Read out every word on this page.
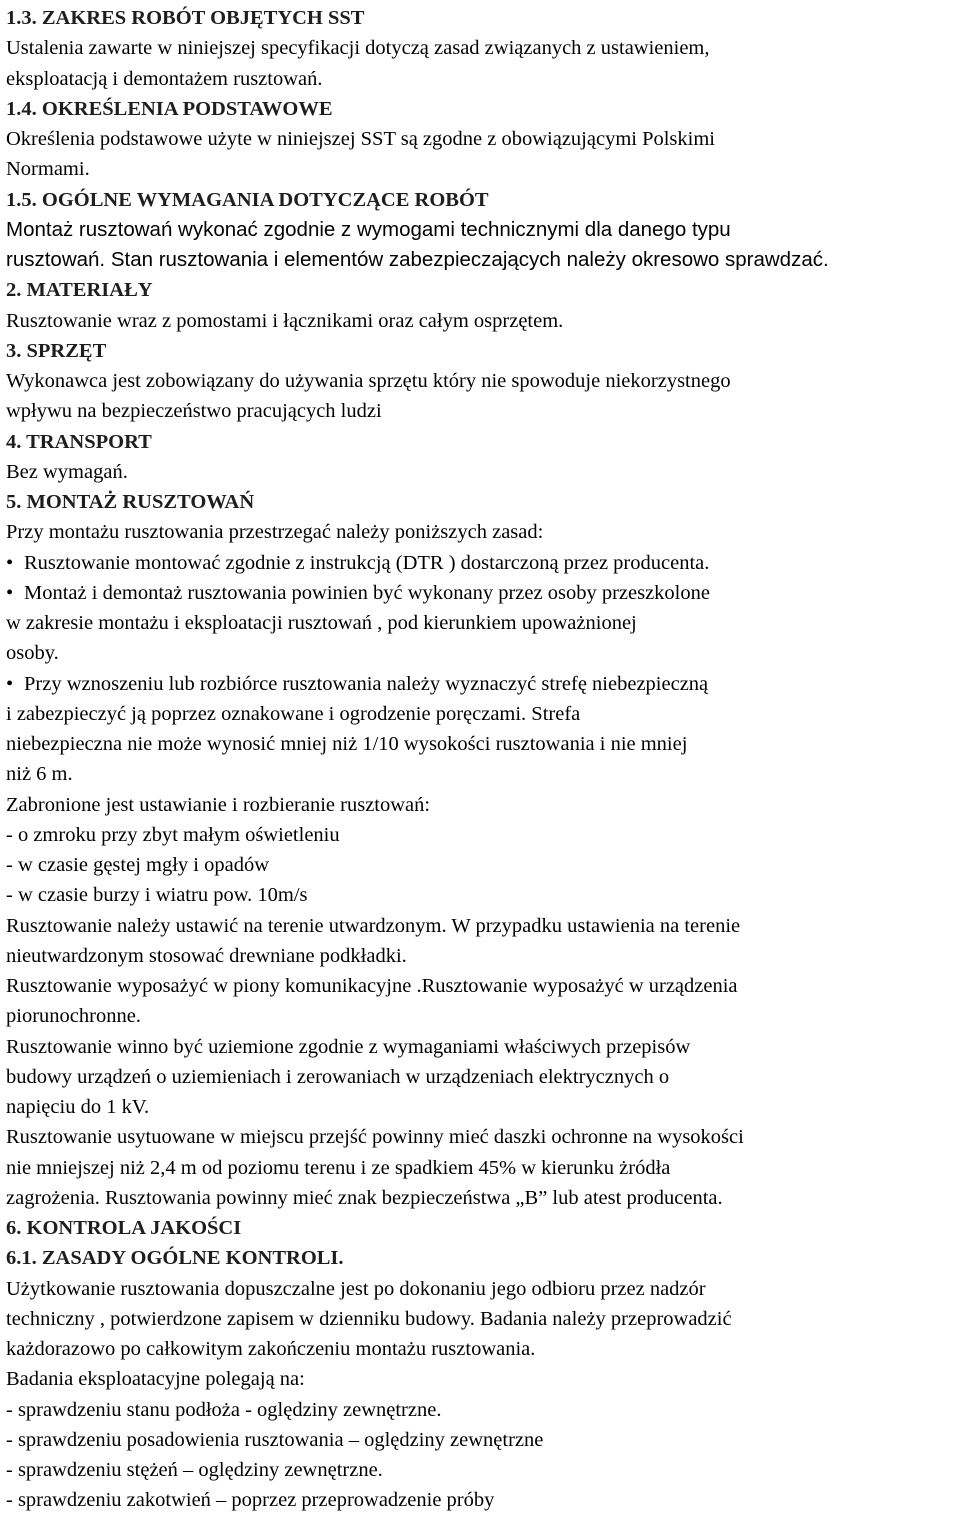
1.3. ZAKRES ROBÓT OBJĘTYCH SST
Ustalenia zawarte w niniejszej specyfikacji dotyczą zasad związanych z ustawieniem,
eksploatacją i demontażem rusztowań.
1.4. OKREŚLENIA PODSTAWOWE
Określenia podstawowe użyte w niniejszej SST są zgodne z obowiązującymi Polskimi
Normami.
1.5. OGÓLNE WYMAGANIA DOTYCZĄCE ROBÓT
Montaż rusztowań wykonać zgodnie z wymogami technicznymi dla danego typu
rusztowań. Stan rusztowania i elementów zabezpieczających należy okresowo sprawdzać.
2. MATERIAŁY
Rusztowanie wraz z pomostami i łącznikami oraz całym osprzętem.
3. SPRZĘT
Wykonawca jest zobowiązany do używania sprzętu który nie spowoduje niekorzystnego
wpływu na bezpieczeństwo pracujących ludzi
4. TRANSPORT
Bez wymagań.
5. MONTAŻ RUSZTOWAŃ
Przy montażu rusztowania przestrzegać należy poniższych zasad:
• Rusztowanie montować zgodnie z instrukcją (DTR ) dostarczoną przez producenta.
• Montaż i demontaż rusztowania powinien być wykonany przez osoby przeszkolone
w zakresie montażu i eksploatacji rusztowań , pod kierunkiem upoważnionej
osoby.
• Przy wznoszeniu lub rozbiórce rusztowania należy wyznaczyć strefę niebezpieczną
i zabezpieczyć ją poprzez oznakowane i ogrodzenie poręczami. Strefa
niebezpieczna nie może wynosić mniej niż 1/10 wysokości rusztowania i nie mniej
niż 6 m.
Zabronione jest ustawianie i rozbieranie rusztowań:
- o zmroku przy zbyt małym oświetleniu
- w czasie gęstej mgły i opadów
- w czasie burzy i wiatru pow. 10m/s
Rusztowanie należy ustawić na terenie utwardzonym. W przypadku ustawienia na terenie
nieutwardzonym stosować drewniane podkładki.
Rusztowanie wyposażyć w piony komunikacyjne .Rusztowanie wyposażyć w urządzenia
piorunochronne.
Rusztowanie winno być uziemione zgodnie z wymaganiami właściwych przepisów
budowy urządzeń o uziemieniach i zerowaniach w urządzeniach elektrycznych o
napięciu do 1 kV.
Rusztowanie usytuowane w miejscu przejść powinny mieć daszki ochronne na wysokości
nie mniejszej niż 2,4 m od poziomu terenu i ze spadkiem 45% w kierunku żródła
zagrożenia. Rusztowania powinny mieć znak bezpieczeństwa „B” lub atest producenta.
6. KONTROLA JAKOŚCI
6.1. ZASADY OGÓLNE KONTROLI.
Użytkowanie rusztowania dopuszczalne jest po dokonaniu jego odbioru przez nadzór
techniczny , potwierdzone zapisem w dzienniku budowy. Badania należy przeprowadzić
każdorazowo po całkowitym zakończeniu montażu rusztowania.
Badania eksploatacyjne polegają na:
- sprawdzeniu stanu podłoża - oględziny zewnętrzne.
- sprawdzeniu posadowienia rusztowania – oględziny zewnętrzne
- sprawdzeniu stężeń – oględziny zewnętrzne.
- sprawdzeniu zakotwień – poprzez przeprowadzenie próby
